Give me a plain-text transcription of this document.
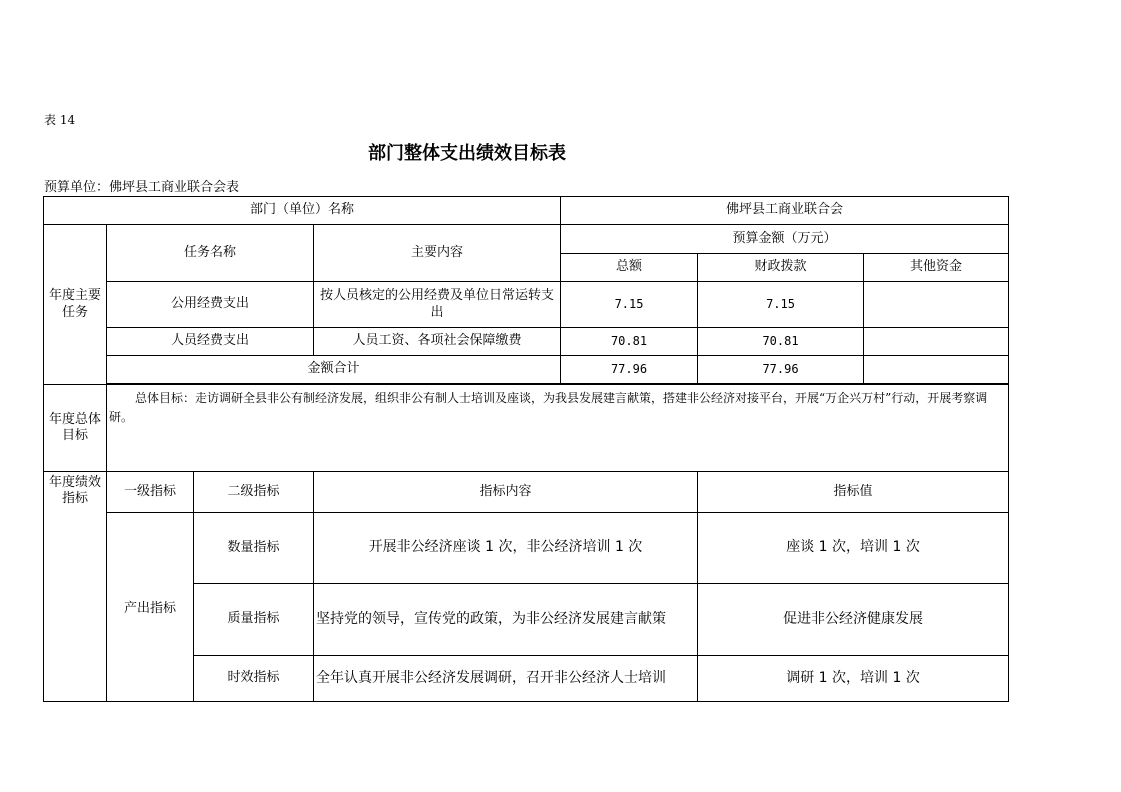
表 14
部门整体支出绩效目标表
预算单位：佛坪县工商业联合会表
部门（单位）名称				佛坪县工商业联合会		
年度主要任务	任务名称		主要内容	预算金额（万元）		
				总额	财政拨款	其他资金
	公用经费支出		按人员核定的公用经费及单位日常运转支出	7.15	7.15	
	人员经费支出		人员工资、各项社会保障缴费	70.81	70.81	
	金额合计			77.96	77.96	

年度总体目标	总体目标：走访调研全县非公有制经济发展，组织非公有制人士培训及座谈，为我县发展建言献策，搭建非公经济对接平台，开展“万企兴万村”行动，开展考察调研。					
年度绩效指标	一级指标	二级指标	指标内容		指标值	
	产出指标	数量指标	开展非公经济座谈 1 次，非公经济培训 1 次		座谈 1 次，培训 1 次	
		质量指标	坚持党的领导，宣传党的政策，为非公经济发展建言献策		促进非公经济健康发展	
		时效指标	全年认真开展非公经济发展调研，召开非公经济人士培训		调研 1 次，培训 1 次	
